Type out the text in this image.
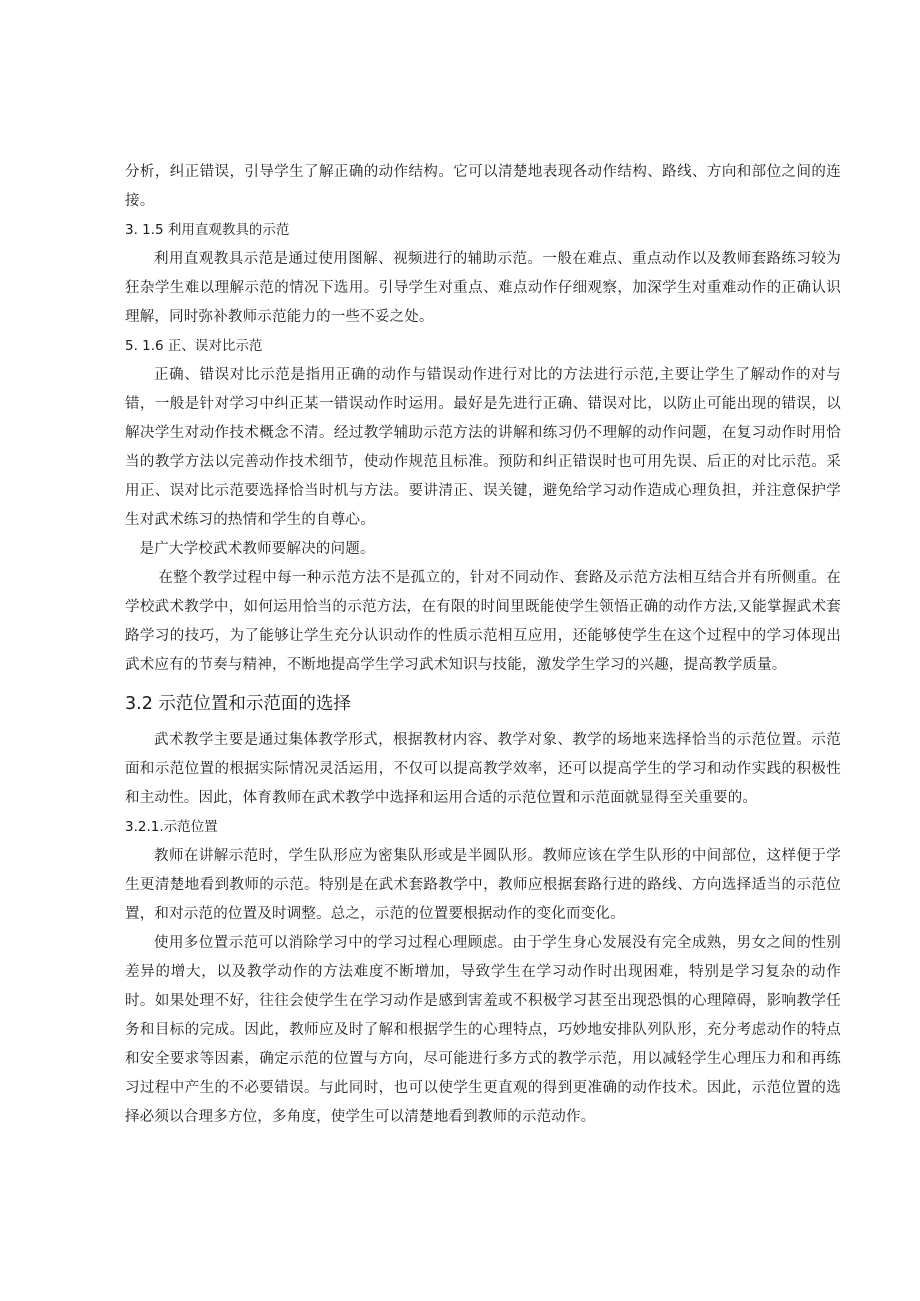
分析，纠正错误，引导学生了解正确的动作结构。它可以清楚地表现各动作结构、路线、方向和部位之间的连接。

3. 1.5 利用直观教具的示范

利用直观教具示范是通过使用图解、视频进行的辅助示范。一般在难点、重点动作以及教师套路练习较为狂杂学生难以理解示范的情况下选用。引导学生对重点、难点动作仔细观察，加深学生对重难动作的正确认识理解，同时弥补教师示范能力的一些不妥之处。

5. 1.6 正、误对比示范

正确、错误对比示范是指用正确的动作与错误动作进行对比的方法进行示范,主要让学生了解动作的对与错，一般是针对学习中纠正某一错误动作时运用。最好是先进行正确、错误对比，以防止可能出现的错误，以解决学生对动作技术概念不清。经过教学辅助示范方法的讲解和练习仍不理解的动作问题，在复习动作时用恰当的教学方法以完善动作技术细节，使动作规范且标准。预防和纠正错误时也可用先误、后正的对比示范。采用正、误对比示范要选择恰当时机与方法。要讲清正、误关键，避免给学习动作造成心理负担，并注意保护学生对武术练习的热情和学生的自尊心。

是广大学校武术教师要解决的问题。

在整个教学过程中每一种示范方法不是孤立的，针对不同动作、套路及示范方法相互结合并有所侧重。在学校武术教学中，如何运用恰当的示范方法，在有限的时间里既能使学生领悟正确的动作方法,又能掌握武术套路学习的技巧，为了能够让学生充分认识动作的性质示范相互应用，还能够使学生在这个过程中的学习体现出武术应有的节奏与精神，不断地提高学生学习武术知识与技能，激发学生学习的兴趣，提高教学质量。

3.2 示范位置和示范面的选择

武术教学主要是通过集体教学形式，根据教材内容、教学对象、教学的场地来选择恰当的示范位置。示范面和示范位置的根据实际情况灵活运用，不仅可以提高教学效率，还可以提高学生的学习和动作实践的积极性和主动性。因此，体育教师在武术教学中选择和运用合适的示范位置和示范面就显得至关重要的。

3.2.1.示范位置

教师在讲解示范时，学生队形应为密集队形或是半圆队形。教师应该在学生队形的中间部位，这样便于学生更清楚地看到教师的示范。特别是在武术套路教学中，教师应根据套路行进的路线、方向选择适当的示范位置，和对示范的位置及时调整。总之，示范的位置要根据动作的变化而变化。

使用多位置示范可以消除学习中的学习过程心理顾虑。由于学生身心发展没有完全成熟，男女之间的性别差异的增大，以及教学动作的方法难度不断增加，导致学生在学习动作时出现困难，特别是学习复杂的动作时。如果处理不好，往往会使学生在学习动作是感到害羞或不积极学习甚至出现恐惧的心理障碍，影响教学任务和目标的完成。因此，教师应及时了解和根据学生的心理特点，巧妙地安排队列队形，充分考虑动作的特点和安全要求等因素，确定示范的位置与方向，尽可能进行多方式的教学示范，用以减轻学生心理压力和和再练习过程中产生的不必要错误。与此同时，也可以使学生更直观的得到更准确的动作技术。因此，示范位置的选择必须以合理多方位，多角度，使学生可以清楚地看到教师的示范动作。
